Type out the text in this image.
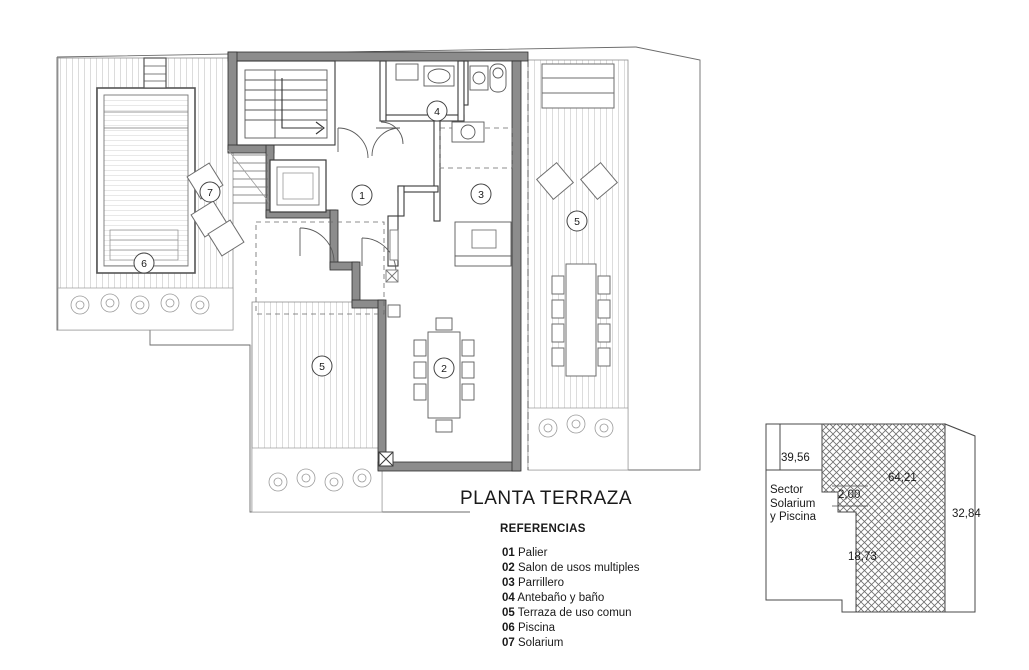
1
2
3
4
5
5
6
7
PLANTA TERRAZA
REFERENCIAS
01 Palier
02 Salon de usos multiples
03 Parrillero
04 Antebaño y baño
05 Terraza de uso comun
06 Piscina
07 Solarium
39,56
64,21
2,00
32,84
18,73
Sector
Solarium
y Piscina
